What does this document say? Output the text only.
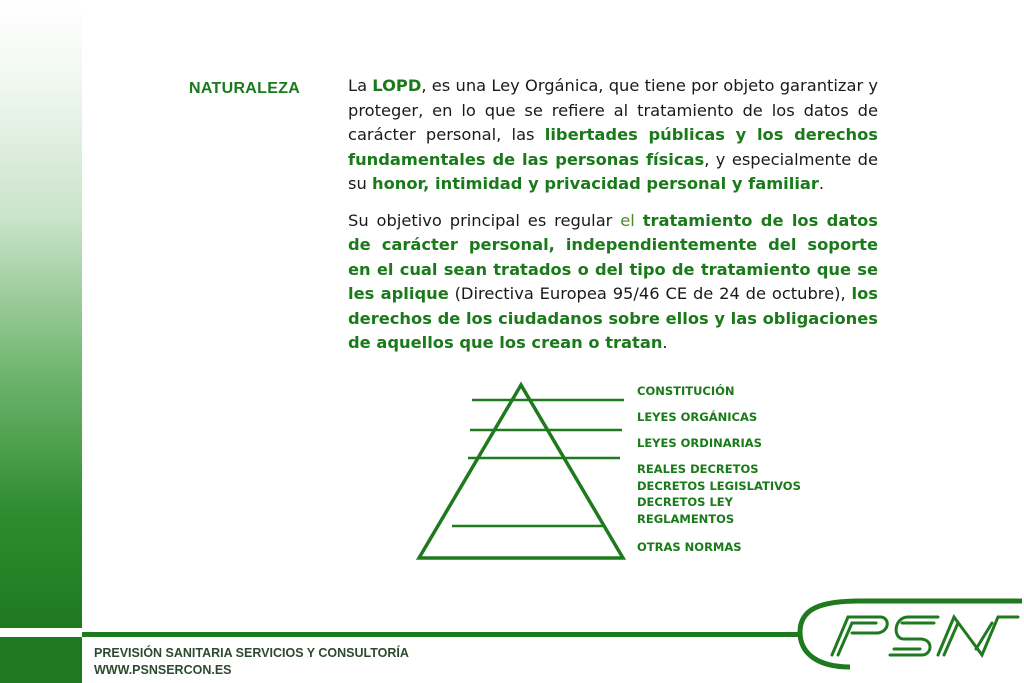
NATURALEZA	La LOPD, es una Ley Orgánica, que tiene por objeto garantizar y proteger, en lo que se refiere al tratamiento de los datos de carácter personal, las libertades públicas y los derechos fundamentales de las personas físicas, y especialmente de su honor, intimidad y privacidad personal y familiar.

Su objetivo principal es regular el tratamiento de los datos de carácter personal, independientemente del soporte en el cual sean tratados o del tipo de tratamiento que se les aplique (Directiva Europea 95/46 CE de 24 de octubre), los derechos de los ciudadanos sobre ellos y las obligaciones de aquellos que los crean o tratan.

CONSTITUCIÓN
LEYES ORGÁNICAS
LEYES ORDINARIAS
REALES DECRETOS
DECRETOS LEGISLATIVOS
DECRETOS LEY
REGLAMENTOS
OTRAS NORMAS
PREVISIÓN SANITARIA SERVICIOS Y CONSULTORÍA
WWW.PSNSERCON.ES
